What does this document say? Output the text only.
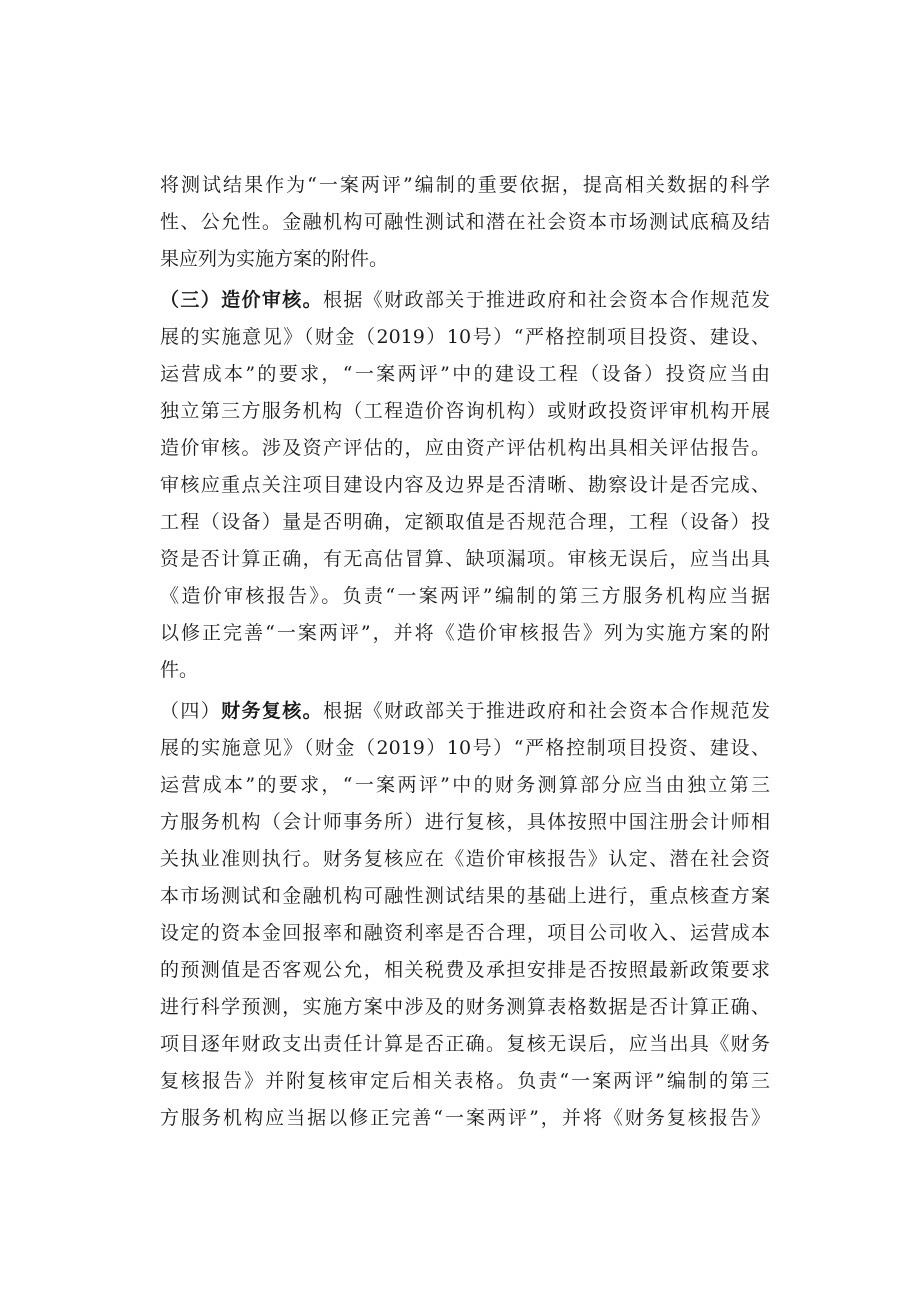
将测试结果作为“一案两评”编制的重要依据，提高相关数据的科学
性、公允性。金融机构可融性测试和潜在社会资本市场测试底稿及结
果应列为实施方案的附件。
（三）造价审核。根据《财政部关于推进政府和社会资本合作规范发
展的实施意见》（财金（2019）10号）“严格控制项目投资、建设、
运营成本”的要求，“一案两评”中的建设工程（设备）投资应当由
独立第三方服务机构（工程造价咨询机构）或财政投资评审机构开展
造价审核。涉及资产评估的，应由资产评估机构出具相关评估报告。
审核应重点关注项目建设内容及边界是否清晰、勘察设计是否完成、
工程（设备）量是否明确，定额取值是否规范合理，工程（设备）投
资是否计算正确，有无高估冒算、缺项漏项。审核无误后，应当出具
《造价审核报告》。负责“一案两评”编制的第三方服务机构应当据
以修正完善“一案两评”，并将《造价审核报告》列为实施方案的附
件。
（四）财务复核。根据《财政部关于推进政府和社会资本合作规范发
展的实施意见》（财金（2019）10号）“严格控制项目投资、建设、
运营成本”的要求，“一案两评”中的财务测算部分应当由独立第三
方服务机构（会计师事务所）进行复核，具体按照中国注册会计师相
关执业准则执行。财务复核应在《造价审核报告》认定、潜在社会资
本市场测试和金融机构可融性测试结果的基础上进行，重点核查方案
设定的资本金回报率和融资利率是否合理，项目公司收入、运营成本
的预测值是否客观公允，相关税费及承担安排是否按照最新政策要求
进行科学预测，实施方案中涉及的财务测算表格数据是否计算正确、
项目逐年财政支出责任计算是否正确。复核无误后，应当出具《财务
复核报告》并附复核审定后相关表格。负责“一案两评”编制的第三
方服务机构应当据以修正完善“一案两评”，并将《财务复核报告》
